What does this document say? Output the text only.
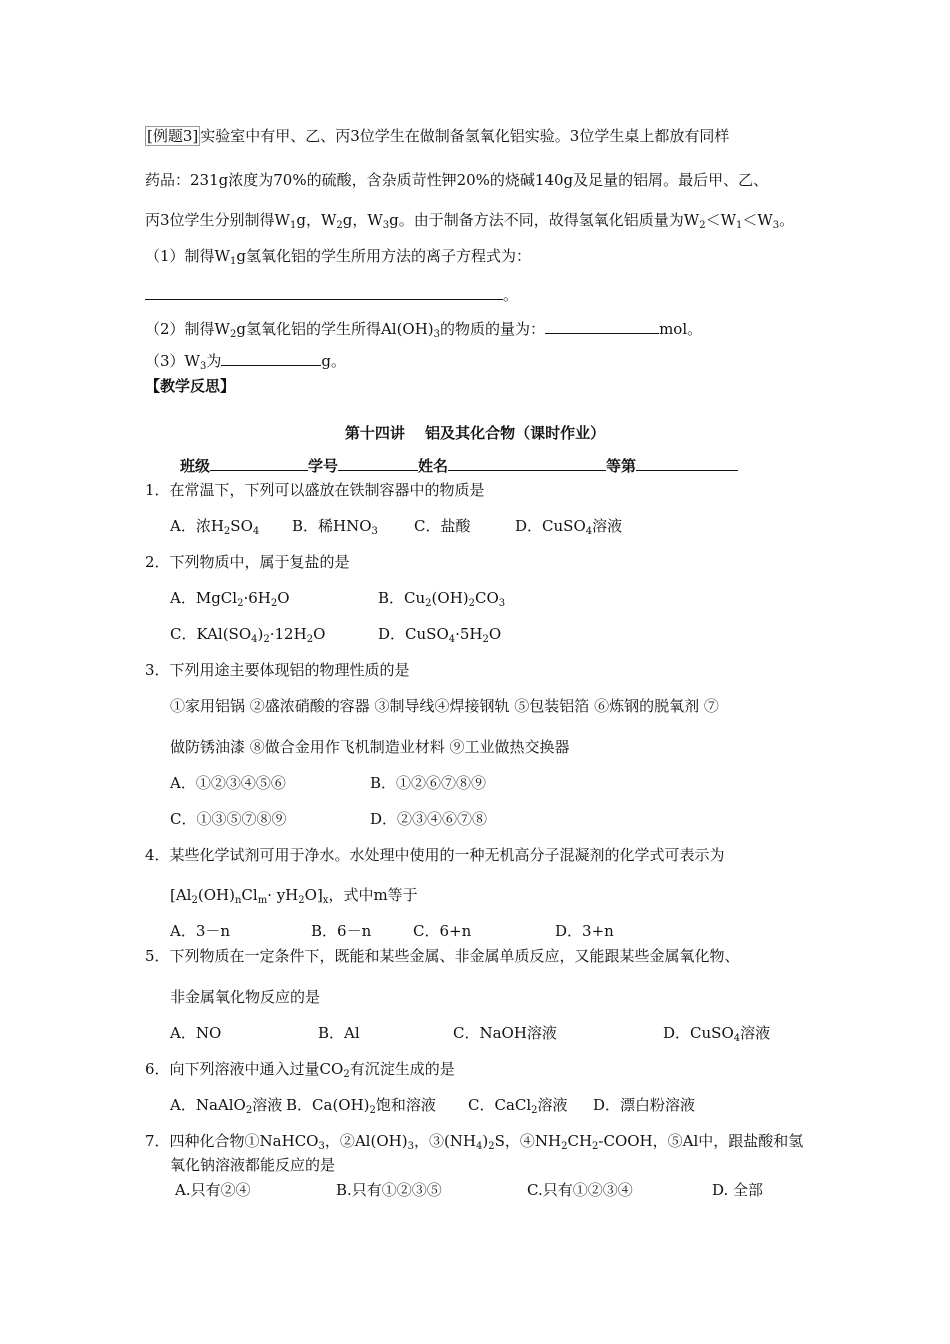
[例题3] 实验室中有甲、乙、丙3位学生在做制备氢氧化铝实验。3位学生桌上都放有同样
药品：231g浓度为70%的硫酸，含杂质苛性钾20%的烧碱140g及足量的铝屑。最后甲、乙、
丙3位学生分别制得$W_1g$，$W_2g$，$W_3g$。由于制备方法不同，故得氢氧化铝质量为$W_2<W_1<W_3$。
（1）制得$W_1g$氢氧化铝的学生所用方法的离子方程式为：
。
（2）制得$W_2g$氢氧化铝的学生所得$Al(OH)_3$的物质的量为：	mol。
$(3)W_3$为	g。
【教学反思】
第十四讲　 铝及其化合物（课时作业）
班级	学号	姓名	等第
1．在常温下，下列可以盛放在铁制容器中的物质是
A．浓$H_2SO_4$ B．稀$HNO_3$ C．盐酸	D．CuSO$_4$溶液
2．下列物质中，属于复盐的是
A．$MgCl_2\cdot 6H_2O$	B．$Cu_2(OH)_2CO_3$
C．$KAl(SO_4)_2\cdot 12H_2O$	D．$CuSO_4\cdot 5H_2O$
3．下列用途主要体现铝的物理性质的是
①家用铝锅 ②盛浓硝酸的容器 ③制导线④焊接钢轨 ⑤包装铝箔 ⑥炼钢的脱氧剂 ⑦
做防锈油漆 ⑧做合金用作飞机制造业材料 ⑨工业做热交换器
A．①②③④⑤⑥	B．①②⑥⑦⑧⑨
C．①③⑤⑦⑧⑨	D．②③④⑥⑦⑧
4．某些化学试剂可用于净水。水处理中使用的一种无机高分子混凝剂的化学式可表示为
$[Al_2(OH)_nCl_m\cdot yH_2O]_x$，式中m等于
A．3－n	B．6－n	C．6+n	D．3+n
5．下列物质在一定条件下，既能和某些金属、非金属单质反应，又能跟某些金属氧化物、
非金属氧化物反应的是
A．NO	B．Al	C．NaOH溶液	D．CuSO$_4$溶液
6．向下列溶液中通入过量$CO_2$有沉淀生成的是
A．NaAlO$_2$溶液 B．$Ca(OH)_2$饱和溶液 C．CaCl$_2$溶液 D．漂白粉溶液
7．四种化合物①NaHCO$_3$，$②Al(OH)_3$，$③(NH_4)_2S$，$④NH_2CH_2$-COOH，⑤Al中，跟盐酸和氢
氧化钠溶液都能反应的是
A.只有②④	B.只有①②③⑤	C.只有①②③④	D. 全部
